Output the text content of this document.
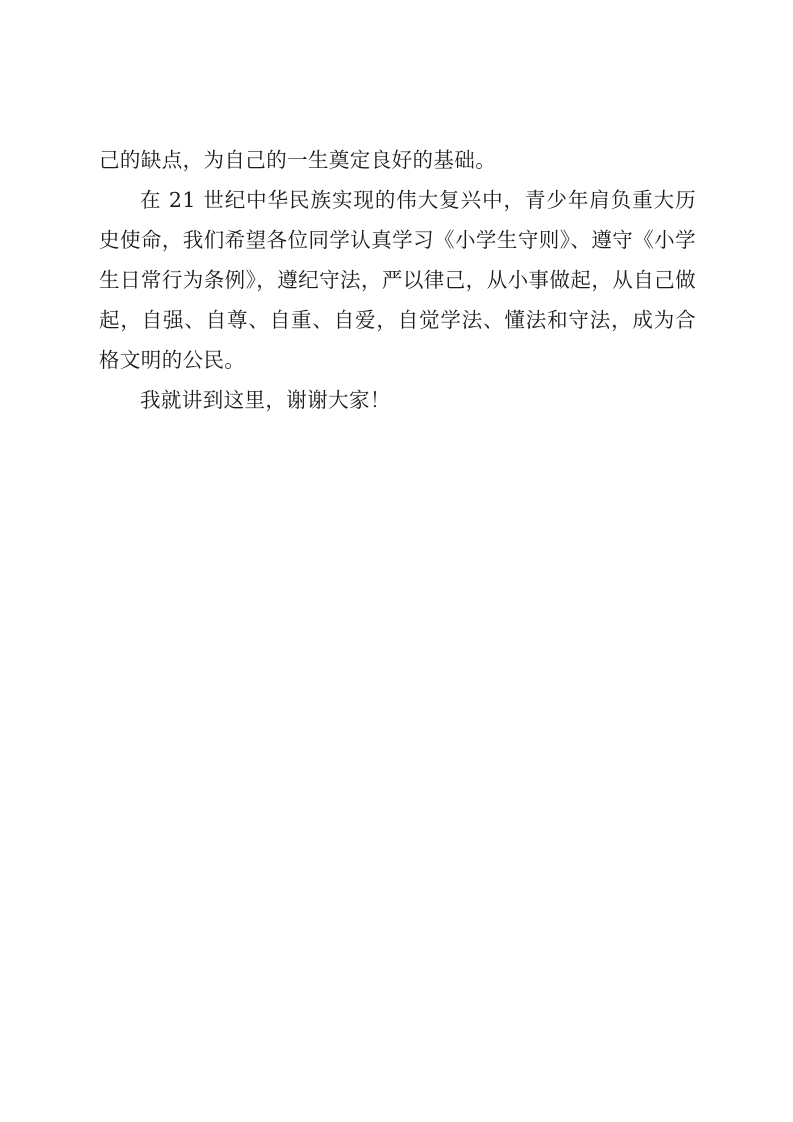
己的缺点，为自己的一生奠定良好的基础。

在 21 世纪中华民族实现的伟大复兴中，青少年肩负重大历史使命，我们希望各位同学认真学习《小学生守则》、遵守《小学生日常行为条例》，遵纪守法，严以律己，从小事做起，从自己做起，自强、自尊、自重、自爱，自觉学法、懂法和守法，成为合格文明的公民。

我就讲到这里，谢谢大家！
